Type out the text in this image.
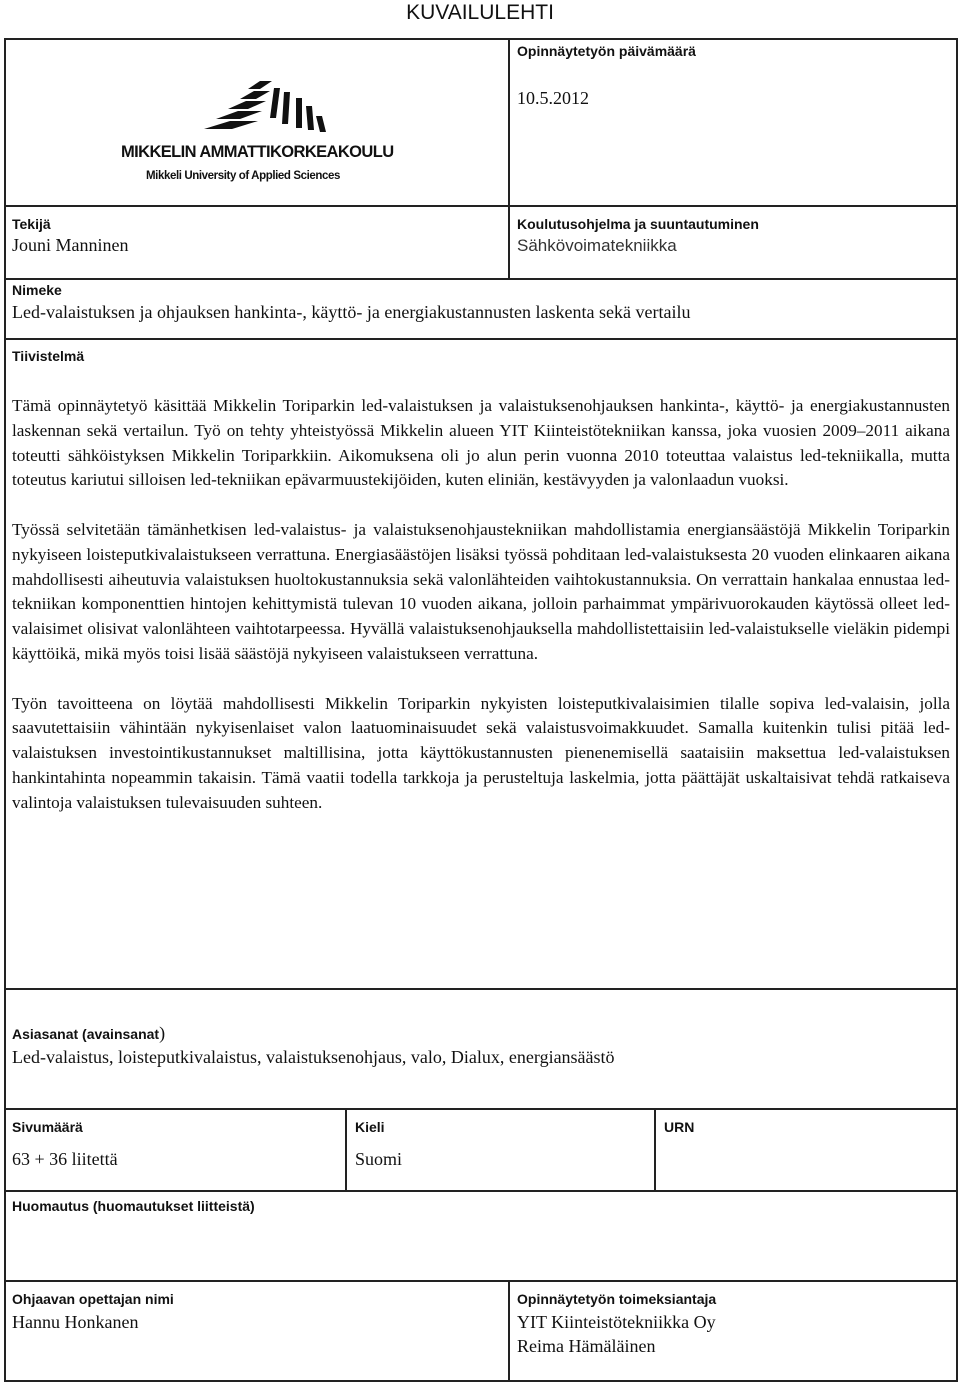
KUVAILULEHTI
MIKKELIN AMMATTIKORKEAKOULU
Mikkeli University of Applied Sciences
Opinnäytetyön päivämäärä
10.5.2012
Tekijä
Jouni Manninen
Koulutusohjelma ja suuntautuminen
Sähkövoimatekniikka
Nimeke
Led-valaistuksen ja ohjauksen hankinta-, käyttö- ja energiakustannusten laskenta sekä vertailu
Tiivistelmä

Tämä opinnäytetyö käsittää Mikkelin Toriparkin led-valaistuksen ja valaistuksenohjauksen hankinta-, käyttö- ja energiakustannusten laskennan sekä vertailun. Työ on tehty yhteistyössä Mikkelin alueen YIT Kiinteistötekniikan kanssa, joka vuosien 2009–2011 aikana toteutti sähköistyksen Mikkelin Toriparkkiin. Aikomuksena oli jo alun perin vuonna 2010 toteuttaa valaistus led-tekniikalla, mutta toteutus kariutui silloisen led-tekniikan epävarmuustekijöiden, kuten eliniän, kestävyyden ja valonlaadun vuoksi.

Työssä selvitetään tämänhetkisen led-valaistus- ja valaistuksenohjaustekniikan mahdollistamia energiansäästöjä Mikkelin Toriparkin nykyiseen loisteputkivalaistukseen verrattuna. Energiasäästöjen lisäksi työssä pohditaan led-valaistuksesta 20 vuoden elinkaaren aikana mahdollisesti aiheutuvia valaistuksen huoltokustannuksia sekä valonlähteiden vaihtokustannuksia. On verrattain hankalaa ennustaa led-tekniikan komponenttien hintojen kehittymistä tulevan 10 vuoden aikana, jolloin parhaimmat ympärivuorokauden käytössä olleet led-valaisimet olisivat valonlähteen vaihtotarpeessa. Hyvällä valaistuksenohjauksella mahdollistettaisiin led-valaistukselle vieläkin pidempi käyttöikä, mikä myös toisi lisää säästöjä nykyiseen valaistukseen verrattuna.

Työn tavoitteena on löytää mahdollisesti Mikkelin Toriparkin nykyisten loisteputkivalaisimien tilalle sopiva led-valaisin, jolla saavutettaisiin vähintään nykyisenlaiset valon laatuominaisuudet sekä valaistusvoimakkuudet. Samalla kuitenkin tulisi pitää led-valaistuksen investointikustannukset maltillisina, jotta käyttökustannusten pienenemisellä saataisiin maksettua led-valaistuksen hankintahinta nopeammin takaisin. Tämä vaatii todella tarkkoja ja perusteltuja laskelmia, jotta päättäjät uskaltaisivat tehdä ratkaiseva valintoja valaistuksen tulevaisuuden suhteen.

Asiasanat (avainsanat)
Led-valaistus, loisteputkivalaistus, valaistuksenohjaus, valo, Dialux, energiansäästö
Sivumäärä
63 + 36 liitettä
Kieli
Suomi
URN
Huomautus (huomautukset liitteistä)
Ohjaavan opettajan nimi
Hannu Honkanen
Opinnäytetyön toimeksiantaja
YIT Kiinteistötekniikka Oy
Reima Hämäläinen
